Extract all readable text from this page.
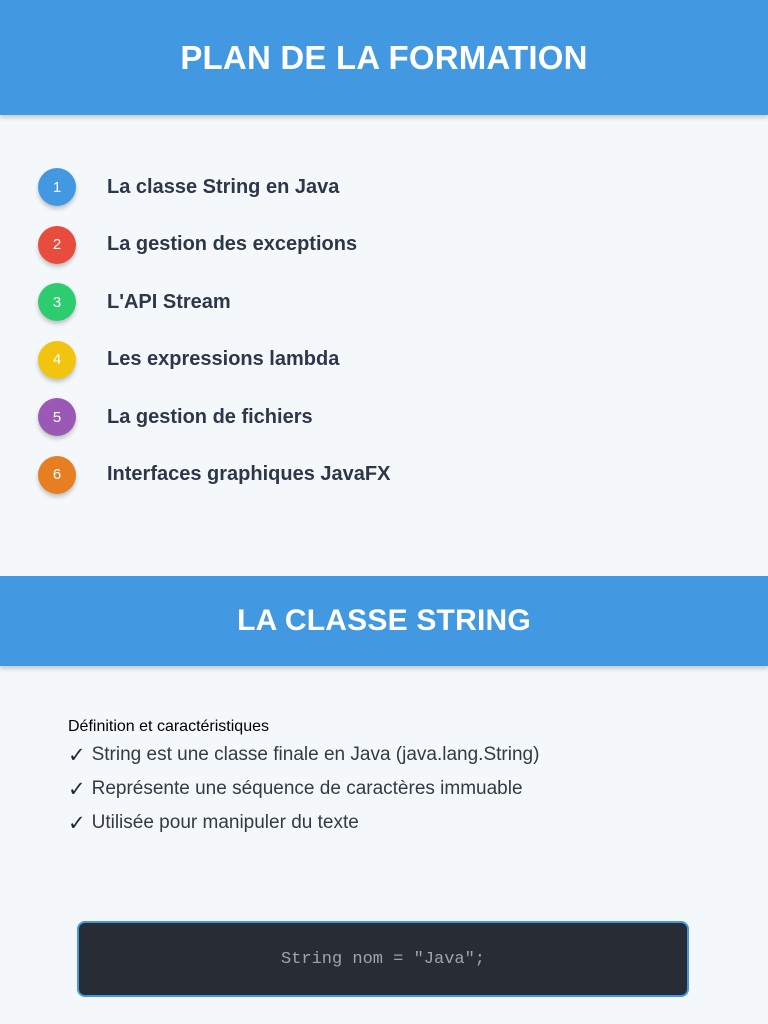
PLAN DE LA FORMATION
1	La classe String en Java
2	La gestion des exceptions
3	L'API Stream
4	Les expressions lambda
5	La gestion de fichiers
6	Interfaces graphiques JavaFX
LA CLASSE STRING
Définition et caractéristiques
✓ String est une classe finale en Java (java.lang.String)
✓ Représente une séquence de caractères immuable
✓ Utilisée pour manipuler du texte
String nom = "Java";
